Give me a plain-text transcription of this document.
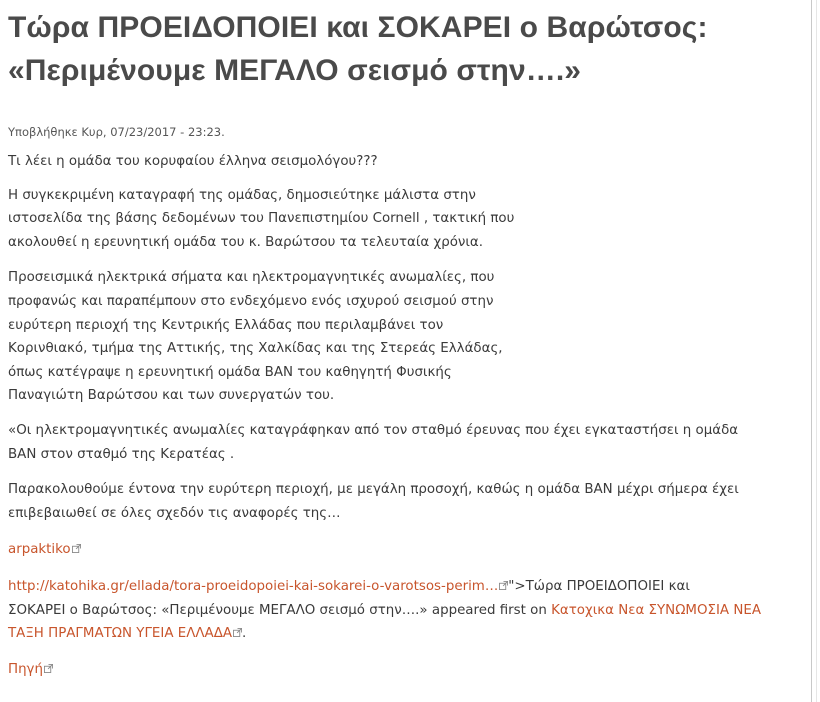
Τώρα ΠΡΟΕΙΔΟΠΟΙΕΙ και ΣΟΚΑΡΕΙ ο Βαρώτσος:
«Περιμένουμε ΜΕΓΑΛΟ σεισμό στην….»
Υποβλήθηκε Κυρ, 07/23/2017 - 23:23.

Τι λέει η ομάδα του κορυφαίου έλληνα σεισμολόγου???

Η συγκεκριμένη καταγραφή της ομάδας, δημοσιεύτηκε μάλιστα στην
ιστοσελίδα της βάσης δεδομένων του Πανεπιστημίου Cornell , τακτική που
ακολουθεί η ερευνητική ομάδα του κ. Βαρώτσου τα τελευταία χρόνια.

Προσεισμικά ηλεκτρικά σήματα και ηλεκτρομαγνητικές ανωμαλίες, που
προφανώς και παραπέμπουν στο ενδεχόμενο ενός ισχυρού σεισμού στην
ευρύτερη περιοχή της Κεντρικής Ελλάδας που περιλαμβάνει τον
Κορινθιακό, τμήμα της Αττικής, της Χαλκίδας και της Στερεάς Ελλάδας,
όπως κατέγραψε η ερευνητική ομάδα ΒΑΝ του καθηγητή Φυσικής
Παναγιώτη Βαρώτσου και των συνεργατών του.

«Οι ηλεκτρομαγνητικές ανωμαλίες καταγράφηκαν από τον σταθμό έρευνας που έχει εγκαταστήσει η ομάδα
ΒΑΝ στον σταθμό της Κερατέας .

Παρακολουθούμε έντονα την ευρύτερη περιοχή, με μεγάλη προσοχή, καθώς η ομάδα ΒΑΝ μέχρι σήμερα έχει
επιβεβαιωθεί σε όλες σχεδόν τις αναφορές της…

arpaktiko

http://katohika.gr/ellada/tora-proeidopoiei-kai-sokarei-o-varotsos-perim… ">Τώρα ΠΡΟΕΙΔΟΠΟΙΕΙ και
ΣΟΚΑΡΕΙ ο Βαρώτσος: «Περιμένουμε ΜΕΓΑΛΟ σεισμό στην….» appeared first on Κατοχικα Νεα ΣΥΝΩΜΟΣΙΑ ΝΕΑ
ΤΑΞΗ ΠΡΑΓΜΑΤΩΝ ΥΓΕΙΑ ΕΛΛΑΔΑ .

Πηγή
